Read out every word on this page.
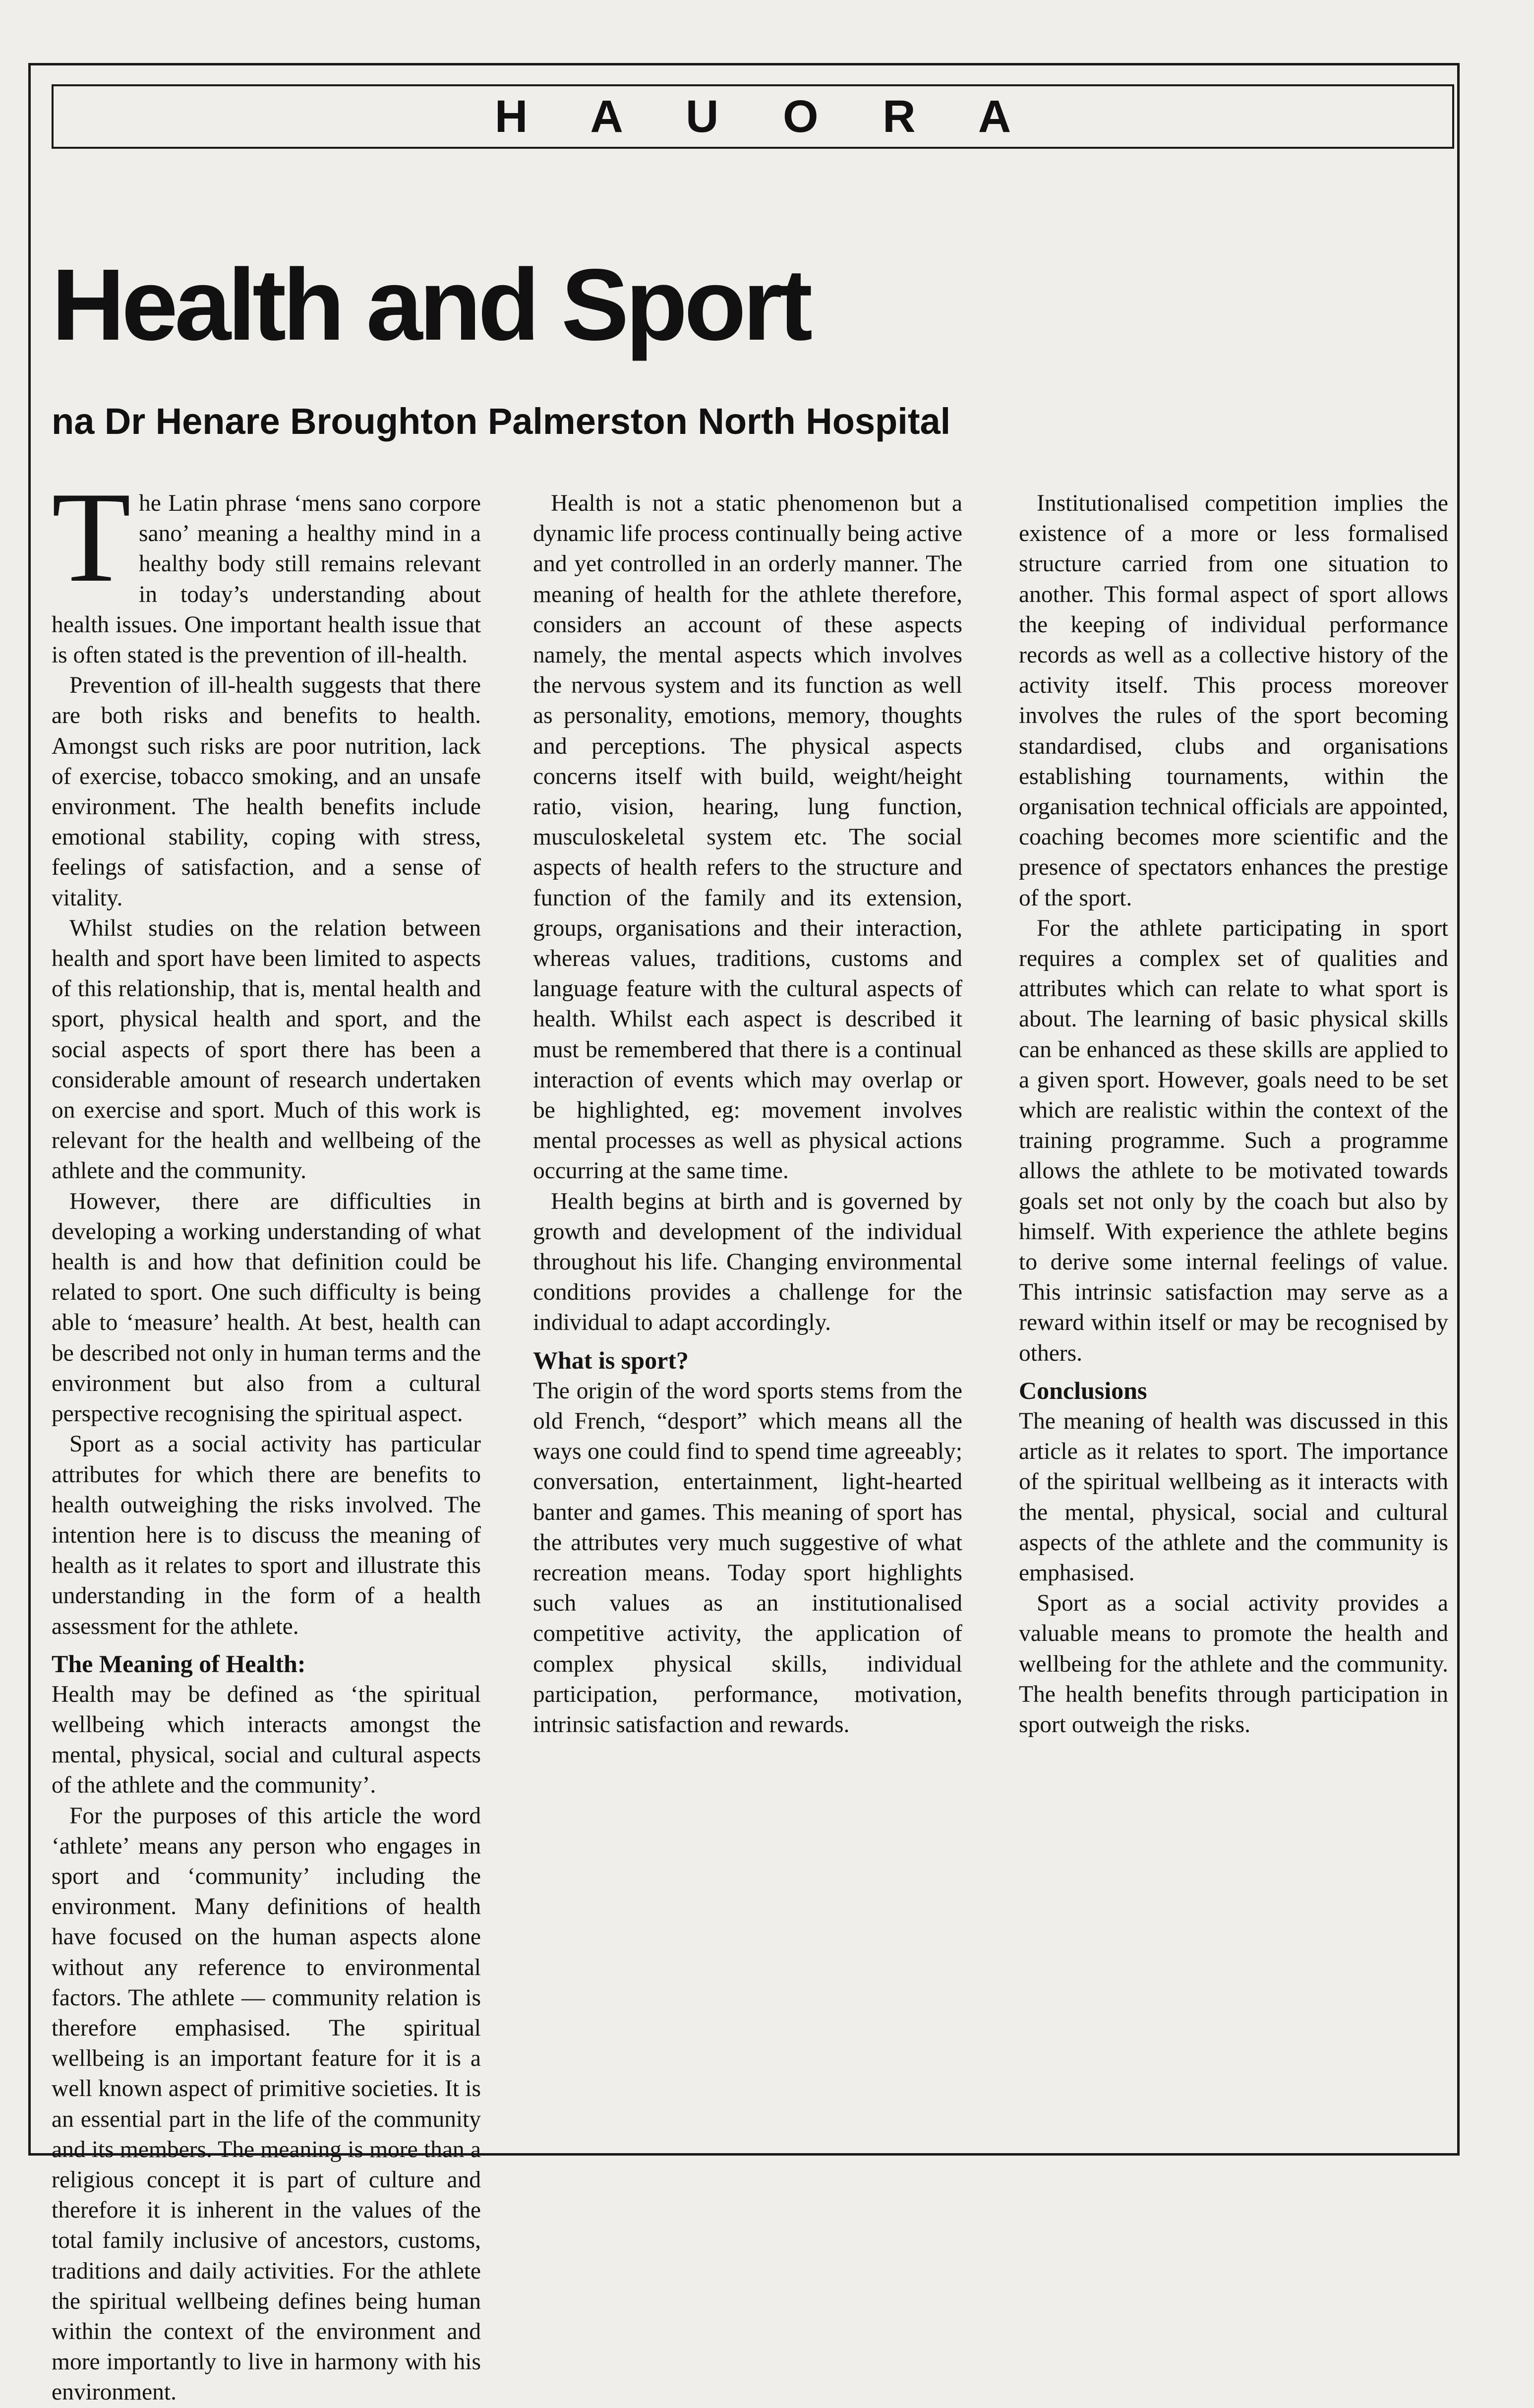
H A U O R A
Health and Sport
na Dr Henare Broughton Palmerston North Hospital

The Latin phrase ‘mens sano corpore sano’ meaning a healthy mind in a healthy body still remains relevant in today’s understanding about health issues. One important health issue that is often stated is the prevention of ill-health.

Prevention of ill-health suggests that there are both risks and benefits to health. Amongst such risks are poor nutrition, lack of exercise, tobacco smoking, and an unsafe environment. The health benefits include emotional stability, coping with stress, feelings of satisfaction, and a sense of vitality.

Whilst studies on the relation between health and sport have been limited to aspects of this relationship, that is, mental health and sport, physical health and sport, and the social aspects of sport there has been a considerable amount of research undertaken on exercise and sport. Much of this work is relevant for the health and wellbeing of the athlete and the community.

However, there are difficulties in developing a working understanding of what health is and how that definition could be related to sport. One such difficulty is being able to ‘measure’ health. At best, health can be described not only in human terms and the environment but also from a cultural perspective recognising the spiritual aspect.

Sport as a social activity has particular attributes for which there are benefits to health outweighing the risks involved. The intention here is to discuss the meaning of health as it relates to sport and illustrate this understanding in the form of a health assessment for the athlete.

The Meaning of Health:

Health may be defined as ‘the spiritual wellbeing which interacts amongst the mental, physical, social and cultural aspects of the athlete and the community’.

For the purposes of this article the word ‘athlete’ means any person who engages in sport and ‘community’ including the environment. Many definitions of health have focused on the human aspects alone without any reference to environmental factors. The athlete — community relation is therefore emphasised. The spiritual wellbeing is an important feature for it is a well known aspect of primitive societies. It is an essential part in the life of the community and its members. The meaning is more than a religious concept it is part of culture and therefore it is inherent in the values of the total family inclusive of ancestors, customs, traditions and daily activities. For the athlete the spiritual wellbeing defines being human within the context of the environment and more importantly to live in harmony with his environment.

Health is not a static phenomenon but a dynamic life process continually being active and yet controlled in an orderly manner. The meaning of health for the athlete therefore, considers an account of these aspects namely, the mental aspects which involves the nervous system and its function as well as personality, emotions, memory, thoughts and perceptions. The physical aspects concerns itself with build, weight/height ratio, vision, hearing, lung function, musculoskeletal system etc. The social aspects of health refers to the structure and function of the family and its extension, groups, organisations and their interaction, whereas values, traditions, customs and language feature with the cultural aspects of health. Whilst each aspect is described it must be remembered that there is a continual interaction of events which may overlap or be highlighted, eg: movement involves mental processes as well as physical actions occurring at the same time.

Health begins at birth and is governed by growth and development of the individual throughout his life. Changing environmental conditions provides a challenge for the individual to adapt accordingly.

What is sport?

The origin of the word sports stems from the old French, “desport” which means all the ways one could find to spend time agreeably; conversation, entertainment, light-hearted banter and games. This meaning of sport has the attributes very much suggestive of what recreation means. Today sport highlights such values as an institutionalised competitive activity, the application of complex physical skills, individual participation, performance, motivation, intrinsic satisfaction and rewards.

Institutionalised competition implies the existence of a more or less formalised structure carried from one situation to another. This formal aspect of sport allows the keeping of individual performance records as well as a collective history of the activity itself. This process moreover involves the rules of the sport becoming standardised, clubs and organisations establishing tournaments, within the organisation technical officials are appointed, coaching becomes more scientific and the presence of spectators enhances the prestige of the sport.

For the athlete participating in sport requires a complex set of qualities and attributes which can relate to what sport is about. The learning of basic physical skills can be enhanced as these skills are applied to a given sport. However, goals need to be set which are realistic within the context of the training programme. Such a programme allows the athlete to be motivated towards goals set not only by the coach but also by himself. With experience the athlete begins to derive some internal feelings of value. This intrinsic satisfaction may serve as a reward within itself or may be recognised by others.

Conclusions

The meaning of health was discussed in this article as it relates to sport. The importance of the spiritual wellbeing as it interacts with the mental, physical, social and cultural aspects of the athlete and the community is emphasised.

Sport as a social activity provides a valuable means to promote the health and wellbeing for the athlete and the community. The health benefits through participation in sport outweigh the risks.
